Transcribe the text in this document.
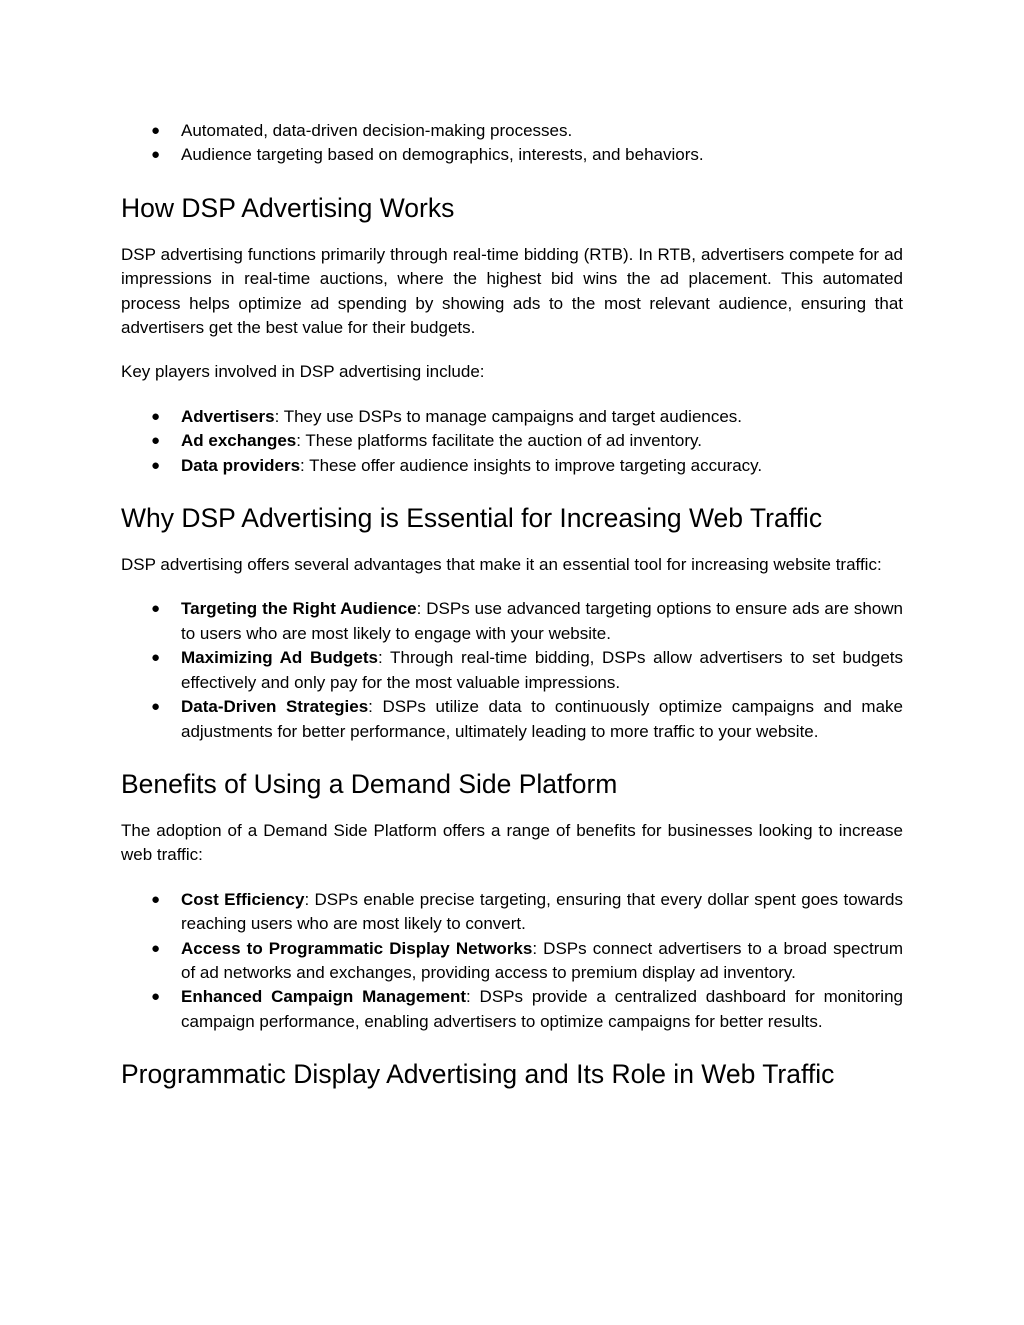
● Automated, data-driven decision-making processes.
● Audience targeting based on demographics, interests, and behaviors.
How DSP Advertising Works

DSP advertising functions primarily through real-time bidding (RTB). In RTB, advertisers compete for ad impressions in real-time auctions, where the highest bid wins the ad placement. This automated process helps optimize ad spending by showing ads to the most relevant audience, ensuring that advertisers get the best value for their budgets.

Key players involved in DSP advertising include:

● Advertisers: They use DSPs to manage campaigns and target audiences.
● Ad exchanges: These platforms facilitate the auction of ad inventory.
● Data providers: These offer audience insights to improve targeting accuracy.
Why DSP Advertising is Essential for Increasing Web Traffic

DSP advertising offers several advantages that make it an essential tool for increasing website traffic:

● Targeting the Right Audience: DSPs use advanced targeting options to ensure ads are shown to users who are most likely to engage with your website.
● Maximizing Ad Budgets: Through real-time bidding, DSPs allow advertisers to set budgets effectively and only pay for the most valuable impressions.
● Data-Driven Strategies: DSPs utilize data to continuously optimize campaigns and make adjustments for better performance, ultimately leading to more traffic to your website.
Benefits of Using a Demand Side Platform

The adoption of a Demand Side Platform offers a range of benefits for businesses looking to increase web traffic:

● Cost Efficiency: DSPs enable precise targeting, ensuring that every dollar spent goes towards reaching users who are most likely to convert.
● Access to Programmatic Display Networks: DSPs connect advertisers to a broad spectrum of ad networks and exchanges, providing access to premium display ad inventory.
● Enhanced Campaign Management: DSPs provide a centralized dashboard for monitoring campaign performance, enabling advertisers to optimize campaigns for better results.
Programmatic Display Advertising and Its Role in Web Traffic
